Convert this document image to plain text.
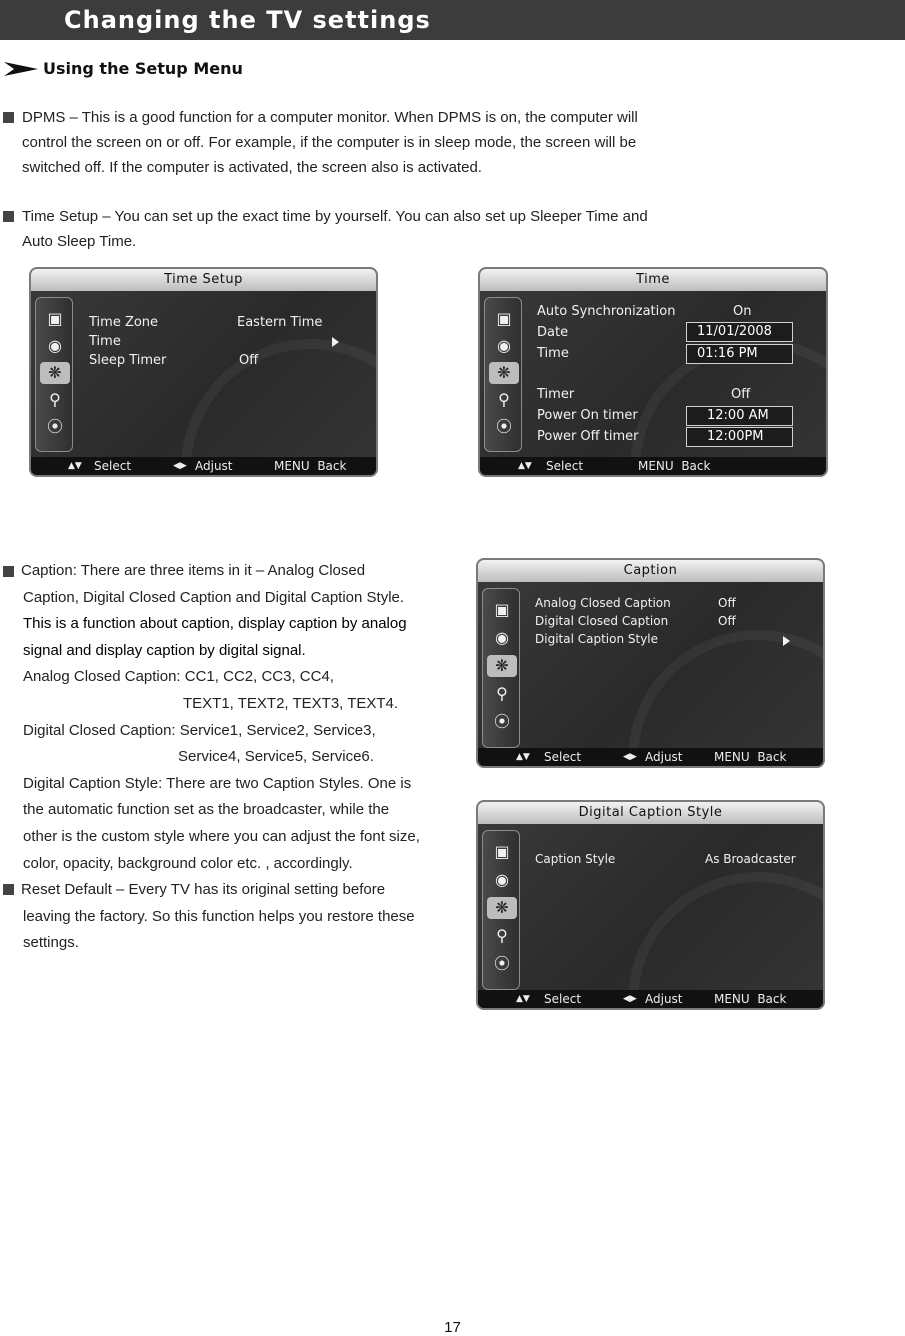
Changing the TV settings
Using the Setup Menu
DPMS – This is a good function for a computer monitor. When DPMS is on, the computer will
control the screen on or off. For example, if the computer is in sleep mode, the screen will be
switched off. If the computer is activated, the screen also is activated.
Time Setup – You can set up the exact time by yourself. You can also set up Sleeper Time and
Auto Sleep Time.
Time Setup
▣
◉
❋
⚲
⦿
Time Zone	Eastern Time
Time
Sleep Timer	Off
▲▼ Select	◀▶ Adjust	MENU  Back
Time
▣
◉
❋
⚲
⦿
Auto Synchronization	On
Date	11/01/2008
Time	01:16 PM
Timer	Off
Power On timer	12:00 AM
Power Off timer	12:00PM
▲▼ Select	MENU  Back
Caption: There are three items in it – Analog Closed
Caption, Digital Closed Caption and Digital Caption Style.
This is a function about caption, display caption by analog
signal and display caption by digital signal.
Analog Closed Caption: CC1, CC2, CC3, CC4,
TEXT1, TEXT2, TEXT3, TEXT4.
Digital Closed Caption: Service1, Service2, Service3,
Service4, Service5, Service6.
Digital Caption Style: There are two Caption Styles. One is
the automatic function set as the broadcaster, while the
other is the custom style where you can adjust the font size,
color, opacity, background color etc. , accordingly.
Reset Default – Every TV has its original setting before
leaving the factory. So this function helps you restore these
settings.
Caption
▣
◉
❋
⚲
⦿
Analog Closed Caption	Off
Digital Closed Caption	Off
Digital Caption Style
▲▼ Select	◀▶ Adjust	MENU  Back
Digital Caption Style
▣
◉
❋
⚲
⦿
Caption Style	As Broadcaster
▲▼ Select	◀▶ Adjust	MENU  Back
17
